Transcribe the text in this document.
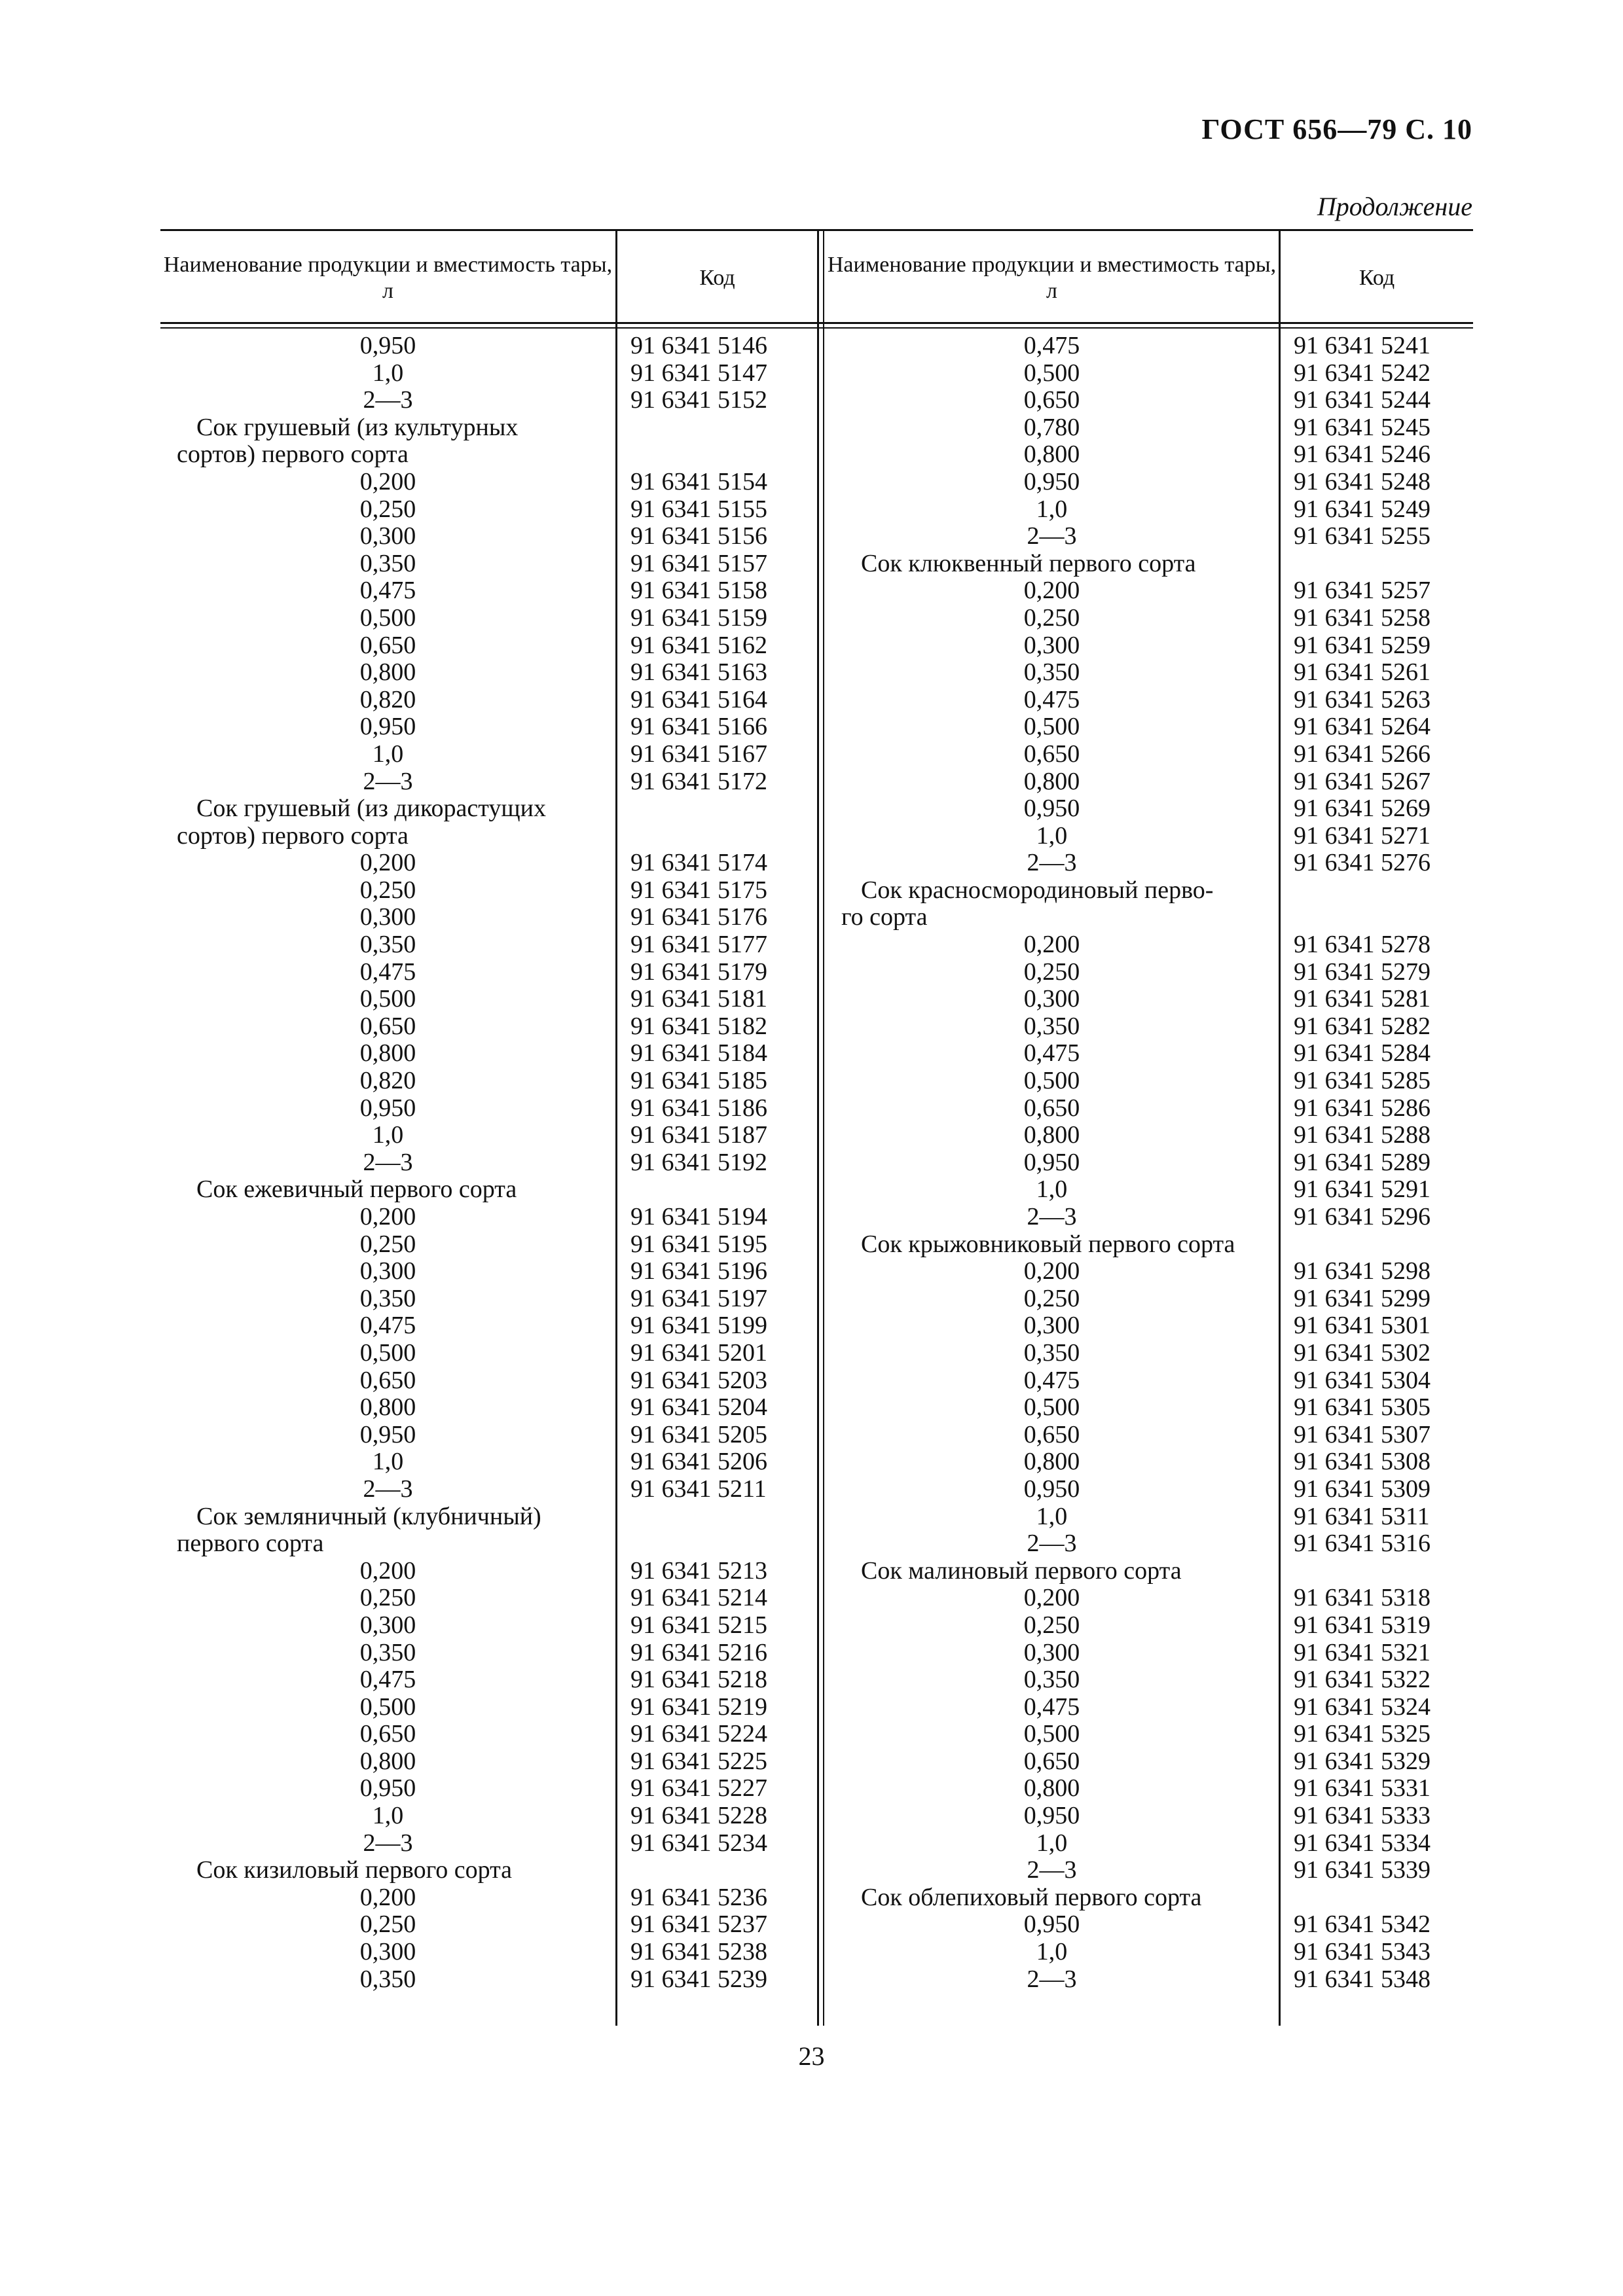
ГОСТ 656—79 С. 10
Продолжение
Наименование продукции и вместимость тары, л
Код
Наименование продукции и вместимость тары, л
Код
0,950
1,0
2—3
Сок грушевый (из культурных
сортов) первого сорта
0,200
0,250
0,300
0,350
0,475
0,500
0,650
0,800
0,820
0,950
1,0
2—3
Сок грушевый (из дикорастущих
сортов) первого сорта
0,200
0,250
0,300
0,350
0,475
0,500
0,650
0,800
0,820
0,950
1,0
2—3
Сок ежевичный первого сорта
0,200
0,250
0,300
0,350
0,475
0,500
0,650
0,800
0,950
1,0
2—3
Сок земляничный (клубничный)
первого сорта
0,200
0,250
0,300
0,350
0,475
0,500
0,650
0,800
0,950
1,0
2—3
Сок кизиловый первого сорта
0,200
0,250
0,300
0,350
91 6341 5146
91 6341 5147
91 6341 5152
91 6341 5154
91 6341 5155
91 6341 5156
91 6341 5157
91 6341 5158
91 6341 5159
91 6341 5162
91 6341 5163
91 6341 5164
91 6341 5166
91 6341 5167
91 6341 5172
91 6341 5174
91 6341 5175
91 6341 5176
91 6341 5177
91 6341 5179
91 6341 5181
91 6341 5182
91 6341 5184
91 6341 5185
91 6341 5186
91 6341 5187
91 6341 5192
91 6341 5194
91 6341 5195
91 6341 5196
91 6341 5197
91 6341 5199
91 6341 5201
91 6341 5203
91 6341 5204
91 6341 5205
91 6341 5206
91 6341 5211
91 6341 5213
91 6341 5214
91 6341 5215
91 6341 5216
91 6341 5218
91 6341 5219
91 6341 5224
91 6341 5225
91 6341 5227
91 6341 5228
91 6341 5234
91 6341 5236
91 6341 5237
91 6341 5238
91 6341 5239
0,475
0,500
0,650
0,780
0,800
0,950
1,0
2—3
Сок клюквенный первого сорта
0,200
0,250
0,300
0,350
0,475
0,500
0,650
0,800
0,950
1,0
2—3
Сок красносмородиновый перво-
го сорта
0,200
0,250
0,300
0,350
0,475
0,500
0,650
0,800
0,950
1,0
2—3
Сок крыжовниковый первого сорта
0,200
0,250
0,300
0,350
0,475
0,500
0,650
0,800
0,950
1,0
2—3
Сок малиновый первого сорта
0,200
0,250
0,300
0,350
0,475
0,500
0,650
0,800
0,950
1,0
2—3
Сок облепиховый первого сорта
0,950
1,0
2—3
91 6341 5241
91 6341 5242
91 6341 5244
91 6341 5245
91 6341 5246
91 6341 5248
91 6341 5249
91 6341 5255
91 6341 5257
91 6341 5258
91 6341 5259
91 6341 5261
91 6341 5263
91 6341 5264
91 6341 5266
91 6341 5267
91 6341 5269
91 6341 5271
91 6341 5276
91 6341 5278
91 6341 5279
91 6341 5281
91 6341 5282
91 6341 5284
91 6341 5285
91 6341 5286
91 6341 5288
91 6341 5289
91 6341 5291
91 6341 5296
91 6341 5298
91 6341 5299
91 6341 5301
91 6341 5302
91 6341 5304
91 6341 5305
91 6341 5307
91 6341 5308
91 6341 5309
91 6341 5311
91 6341 5316
91 6341 5318
91 6341 5319
91 6341 5321
91 6341 5322
91 6341 5324
91 6341 5325
91 6341 5329
91 6341 5331
91 6341 5333
91 6341 5334
91 6341 5339
91 6341 5342
91 6341 5343
91 6341 5348
23
